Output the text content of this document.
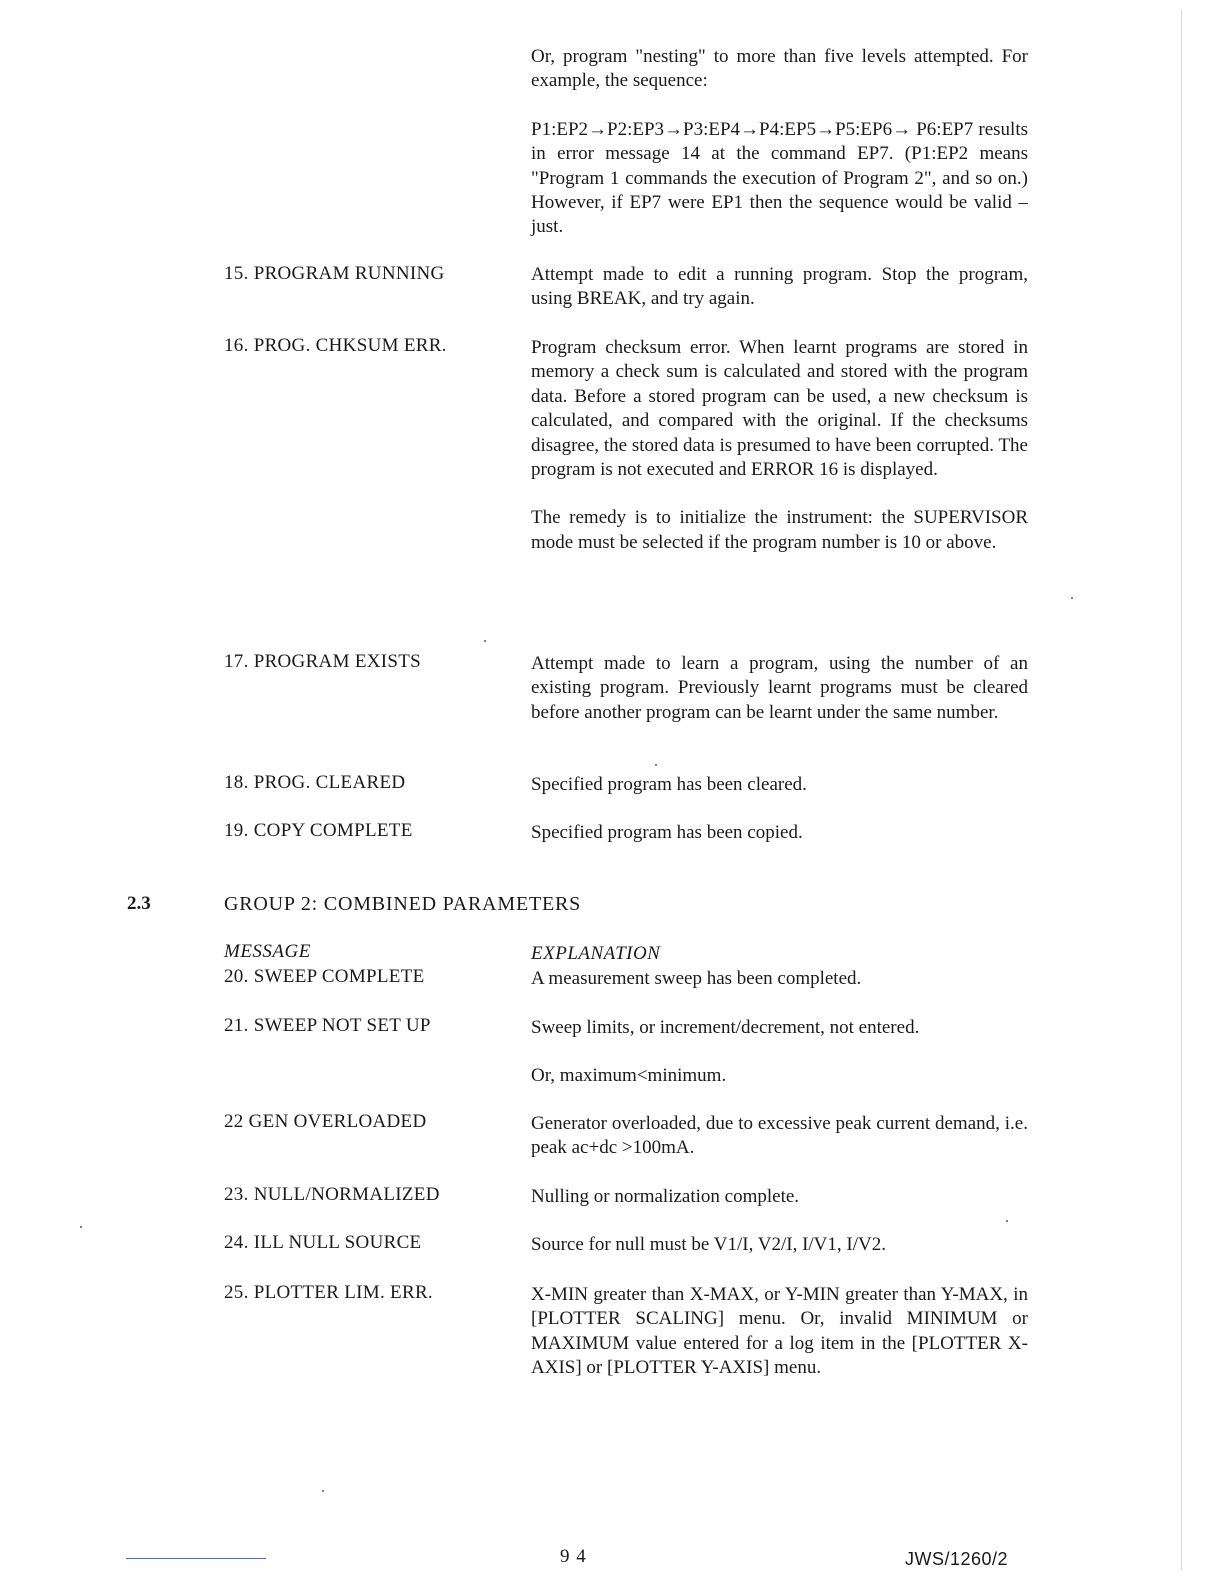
Or, program "nesting" to more than five levels attempted. For example, the sequence:

P1:EP2→P2:EP3→P3:EP4→P4:EP5→P5:EP6→ P6:EP7 results in error message 14 at the command EP7. (P1:EP2 means "Program 1 commands the execution of Program 2", and so on.) However, if EP7 were EP1 then the sequence would be valid –just.

15. PROGRAM RUNNING	Attempt made to edit a running program. Stop the program, using BREAK, and try again.

16. PROG. CHKSUM ERR.	Program checksum error. When learnt programs are stored in memory a check sum is calculated and stored with the program data. Before a stored program can be used, a new checksum is calculated, and compared with the original. If the checksums disagree, the stored data is presumed to have been corrupted. The program is not executed and ERROR 16 is displayed.

The remedy is to initialize the instrument: the SUPERVISOR mode must be selected if the program number is 10 or above.

17. PROGRAM EXISTS	Attempt made to learn a program, using the number of an existing program. Previously learnt programs must be cleared before another program can be learnt under the same number.

18. PROG. CLEARED	Specified program has been cleared.

19. COPY COMPLETE	Specified program has been copied.

2.3	GROUP 2: COMBINED PARAMETERS
MESSAGE	EXPLANATION
20. SWEEP COMPLETE	A measurement sweep has been completed.

21. SWEEP NOT SET UP	Sweep limits, or increment/decrement, not entered.

Or, maximum<minimum.

22 GEN OVERLOADED	Generator overloaded, due to excessive peak current demand, i.e. peak ac+dc >100mA.

23. NULL/NORMALIZED	Nulling or normalization complete.

24. ILL NULL SOURCE	Source for null must be V1/I, V2/I, I/V1, I/V2.

25. PLOTTER LIM. ERR.	X-MIN greater than X-MAX, or Y-MIN greater than Y-MAX, in [PLOTTER SCALING] menu. Or, invalid MINIMUM or MAXIMUM value entered for a log item in the [PLOTTER X-AXIS] or [PLOTTER Y-AXIS] menu.

9 4	JWS/1260/2
